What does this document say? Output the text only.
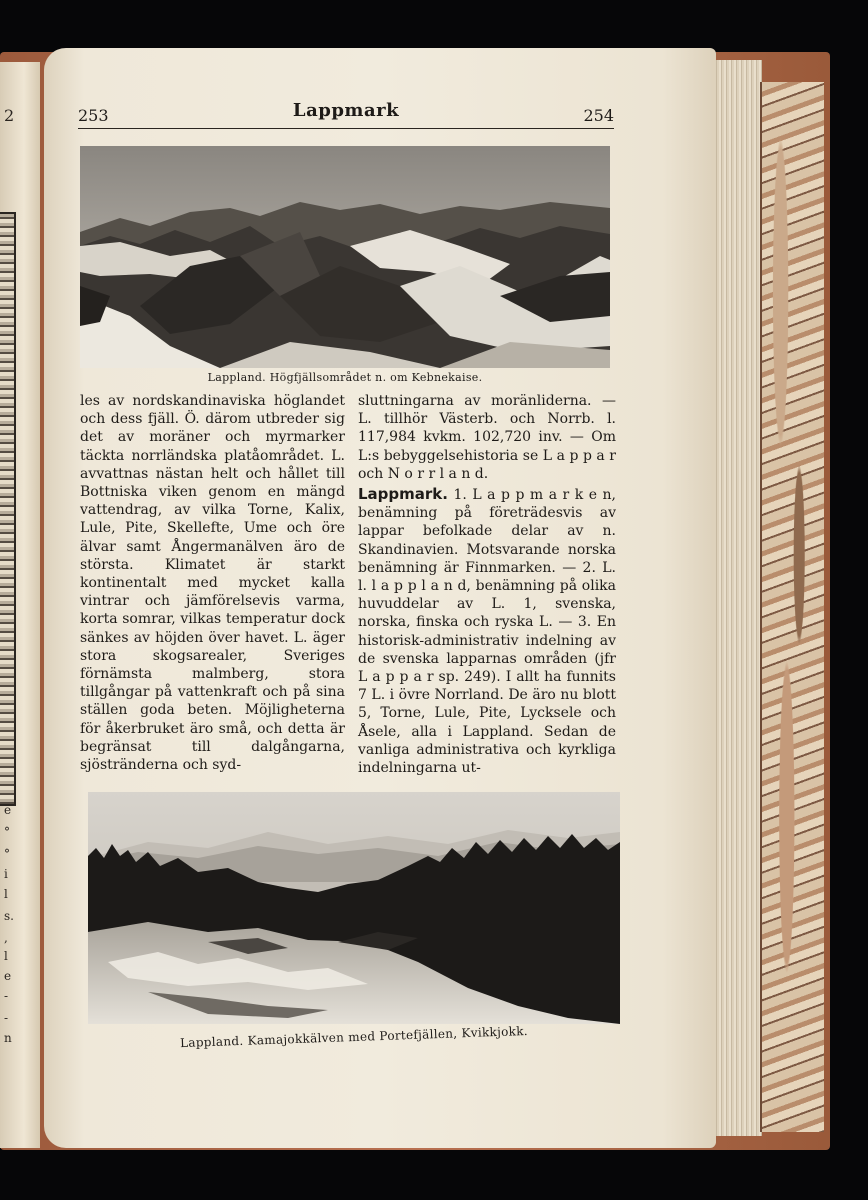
2
e
°
°
i
l
s.
,
l
e
-
-
n
253	Lappmark	254
Lappland. Högfjällsområdet n. om Kebnekaise.

les av nordskandinaviska höglandet och dess fjäll. Ö. därom utbreder sig det av moräner och myrmarker täckta norrländska platåområdet. L. avvattnas nästan helt och hållet till Bottniska viken genom en mängd vattendrag, av vilka Torne, Kalix, Lule, Pite, Skellefte, Ume och öre älvar samt Ångermanälven äro de största. Klimatet är starkt kontinentalt med mycket kalla vintrar och jämförelsevis varma, korta somrar, vilkas temperatur dock sänkes av höjden över havet. L. äger stora skogsarealer, Sveriges förnämsta malmberg, stora tillgångar på vattenkraft och på sina ställen goda beten. Möjligheterna för åkerbruket äro små, och detta är begränsat till dalgångarna, sjöstränderna och syd-

sluttningarna av moränliderna. — L. tillhör Västerb. och Norrb. l. 117,984 kvkm. 102,720 inv. — Om L:s bebyggelsehistoria se L a p p a r och N o r r l a n d.

Lappmark. 1. L a p p m a r k e n, benämning på företrädesvis av lappar befolkade delar av n. Skandinavien. Motsvarande norska benämning är Finnmarken. — 2. L. l. l a p p l a n d, benämning på olika huvuddelar av L. 1, svenska, norska, finska och ryska L. — 3. En historisk-administrativ indelning av de svenska lapparnas områden (jfr L a p p a r sp. 249). I allt ha funnits 7 L. i övre Norrland. De äro nu blott 5, Torne, Lule, Pite, Lycksele och Åsele, alla i Lappland. Sedan de vanliga administrativa och kyrkliga indelningarna ut-

Lappland. Kamajokkälven med Portefjällen, Kvikkjokk.
